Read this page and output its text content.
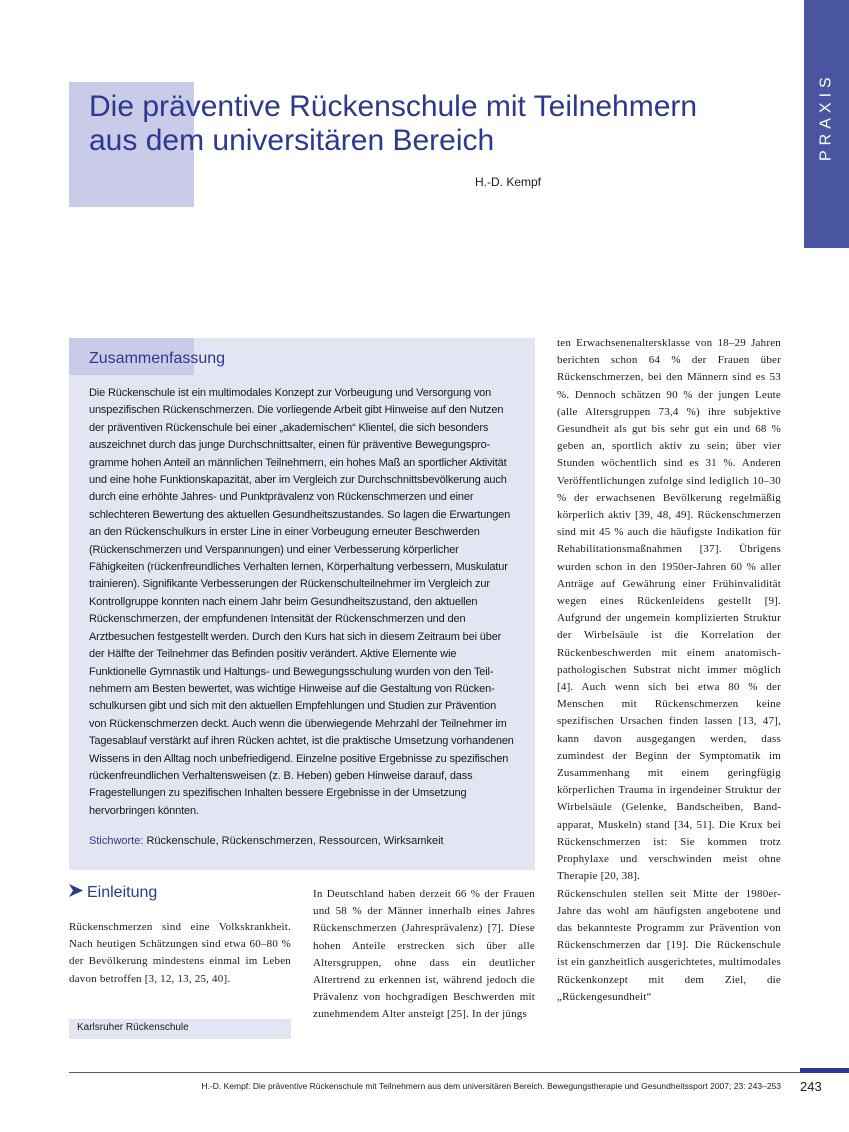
PRAXIS
Die präventive Rückenschule mit Teilnehmern
aus dem universitären Bereich
H.-D. Kempf
Zusammenfassung

Die Rückenschule ist ein multimodales Konzept zur Vorbeugung und Versorgung von unspezifischen Rückenschmerzen. Die vorliegende Arbeit gibt Hinweise auf den Nutzen der präventiven Rückenschule bei einer „akademischen“ Klientel, die sich besonders auszeichnet durch das junge Durchschnittsalter, einen für präventive Bewegungsprogramme hohen Anteil an männlichen Teilnehmern, ein hohes Maß an sportlicher Aktivität und eine hohe Funktionskapazität, aber im Vergleich zur Durchschnittsbevölkerung auch durch eine erhöhte Jahres- und Punktprävalenz von Rückenschmerzen und einer schlechteren Bewertung des aktuellen Gesundheitszustandes. So lagen die Erwartungen an den Rückenschulkurs in erster Line in einer Vorbeugung erneuter Beschwerden (Rückenschmerzen und Verspannungen) und einer Verbesserung körperlicher Fähigkeiten (rückenfreundliches Verhalten lernen, Körperhaltung verbessern, Muskulatur trainieren). Signifikante Verbesserungen der Rückenschulteilnehmer im Vergleich zur Kontrollgruppe konnten nach einem Jahr beim Gesundheitszustand, den aktuellen Rückenschmerzen, der empfundenen Intensität der Rückenschmerzen und den Arztbesuchen festgestellt werden. Durch den Kurs hat sich in diesem Zeitraum bei über der Hälfte der Teilnehmer das Befinden positiv verändert. Aktive Elemente wie Funktionelle Gymnastik und Haltungs- und Bewegungsschulung wurden von den Teilnehmern am Besten bewertet, was wichtige Hinweise auf die Gestaltung von Rückenschulkursen gibt und sich mit den aktuellen Empfehlungen und Studien zur Prävention von Rückenschmerzen deckt. Auch wenn die überwiegende Mehrzahl der Teilnehmer im Tagesablauf verstärkt auf ihren Rücken achtet, ist die praktische Umsetzung vorhandenen Wissens in den Alltag noch unbefriedigend. Einzelne positive Ergebnisse zu spezifischen rückenfreundlichen Verhaltensweisen (z. B. Heben) geben Hinweise darauf, dass Fragestellungen zu spezifischen Inhalten bessere Ergebnisse in der Umsetzung hervorbringen könnten.

Stichworte: Rückenschule, Rückenschmerzen, Ressourcen, Wirksamkeit
Einleitung

Rückenschmerzen sind eine Volkskrankheit. Nach heutigen Schätzungen sind etwa 60–80 % der Bevölkerung mindestens einmal im Leben davon betroffen [3, 12, 13, 25, 40].

Karlsruher Rückenschule

In Deutschland haben derzeit 66 % der Frauen und 58 % der Männer innerhalb eines Jahres Rückenschmerzen (Jahresprävalenz) [7]. Diese hohen Anteile erstrecken sich über alle Altersgruppen, ohne dass ein deutlicher Altertrend zu erkennen ist, während jedoch die Prävalenz von hochgradigen Beschwerden mit zunehmendem Alter ansteigt [25]. In der jüngs

ten Erwachsenenaltersklasse von 18–29 Jahren berichten schon 64 % der Frauen über Rückenschmerzen, bei den Männern sind es 53 %. Dennoch schätzen 90 % der jungen Leute (alle Altersgruppen 73,4 %) ihre subjektive Gesundheit als gut bis sehr gut ein und 68 % geben an, sportlich aktiv zu sein; über vier Stunden wöchentlich sind es 31 %. Anderen Veröffentlichungen zufolge sind lediglich 10–30 % der erwachsenen Bevölkerung regelmäßig körperlich aktiv [39, 48, 49]. Rückenschmerzen sind mit 45 % auch die häufigste Indikation für Rehabilitationsmaßnahmen [37]. Übrigens wurden schon in den 1950er-Jahren 60 % aller Anträge auf Gewährung einer Frühinvalidität wegen eines Rückenleidens gestellt [9]. Aufgrund der ungemein komplizierten Struktur der Wirbelsäule ist die Korrelation der Rückenbeschwerden mit einem anatomisch-pathologischen Substrat nicht immer möglich [4]. Auch wenn sich bei etwa 80 % der Menschen mit Rückenschmerzen keine spezifischen Ursachen finden lassen [13, 47], kann davon ausgegangen werden, dass zumindest der Beginn der Symptomatik im Zusammenhang mit einem geringfügig körperlichen Trauma in irgendeiner Struktur der Wirbelsäule (Gelenke, Bandscheiben, Bandapparat, Muskeln) stand [34, 51]. Die Krux bei Rückenschmerzen ist: Sie kommen trotz Prophylaxe und verschwinden meist ohne Therapie [20, 38].

Rückenschulen stellen seit Mitte der 1980er-Jahre das wohl am häufigsten angebotene und das bekannteste Programm zur Prävention von Rückenschmerzen dar [19]. Die Rückenschule ist ein ganzheitlich ausgerichtetes, multimodales Rückenkonzept mit dem Ziel, die „Rückengesundheit“

H.-D. Kempf: Die präventive Rückenschule mit Teilnehmern aus dem universitären Bereich. Bewegungstherapie und Gesundheitssport 2007; 23: 243–253 243
